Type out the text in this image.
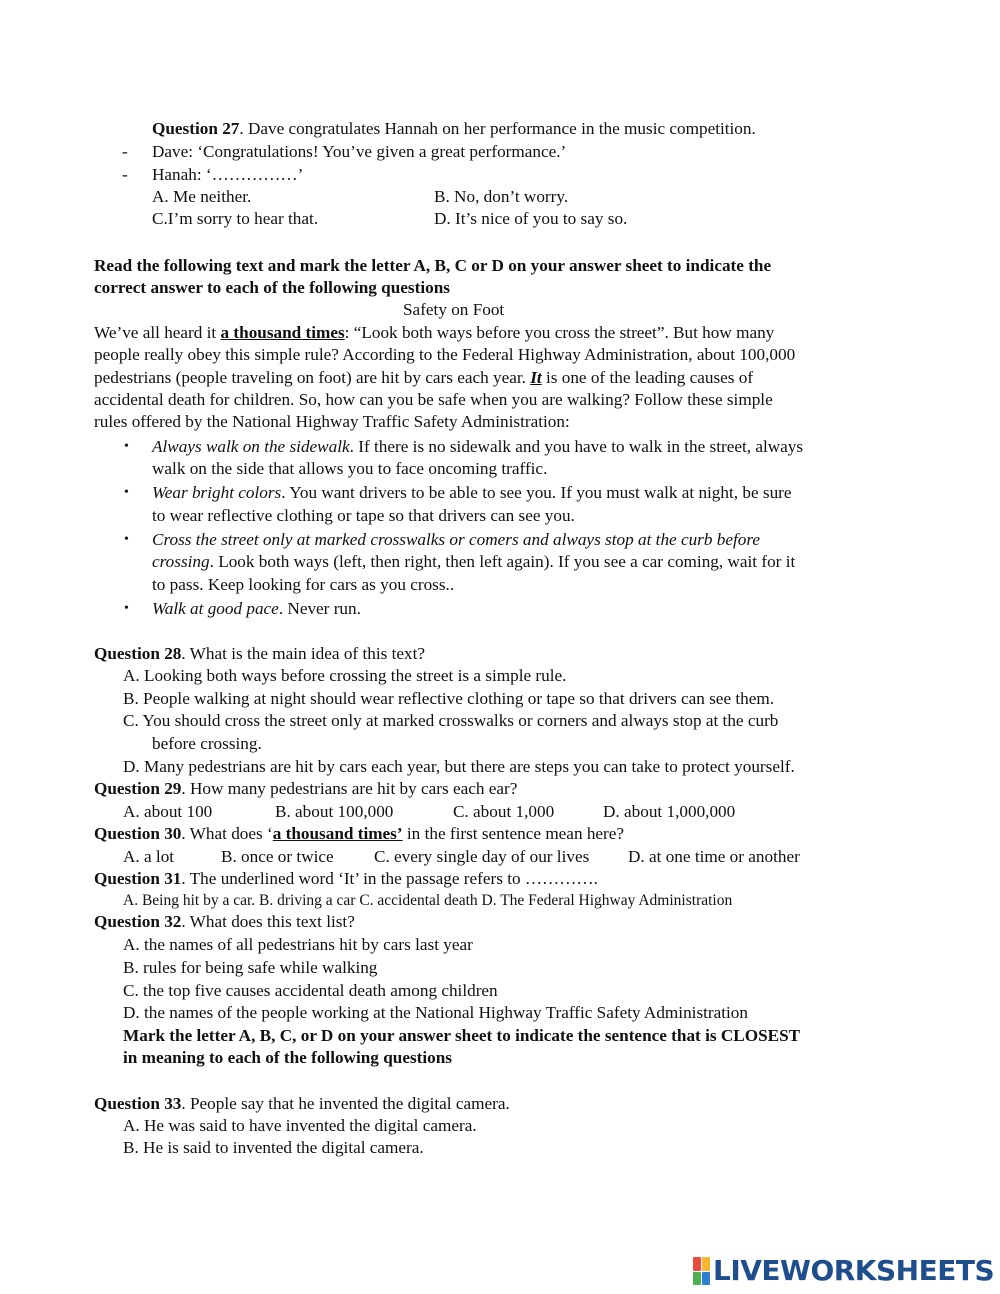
Question 27. Dave congratulates Hannah on her performance in the music competition.
- Dave: ‘Congratulations! You’ve given a great performance.’
- Hanah: ‘……………’
A. Me neither.	B. No, don’t worry.
C.I’m sorry to hear that.	D. It’s nice of you to say so.
Read the following text and mark the letter A, B, C or D on your answer sheet to indicate the
correct answer to each of the following questions
Safety on Foot
We’ve all heard it a thousand times: “Look both ways before you cross the street”. But how many
people really obey this simple rule? According to the Federal Highway Administration, about 100,000
pedestrians (people traveling on foot) are hit by cars each year. It is one of the leading causes of
accidental death for children. So, how can you be safe when you are walking? Follow these simple
rules offered by the National Highway Traffic Safety Administration:
• Always walk on the sidewalk. If there is no sidewalk and you have to walk in the street, always
walk on the side that allows you to face oncoming traffic.
• Wear bright colors. You want drivers to be able to see you. If you must walk at night, be sure
to wear reflective clothing or tape so that drivers can see you.
• Cross the street only at marked crosswalks or comers and always stop at the curb before
crossing. Look both ways (left, then right, then left again). If you see a car coming, wait for it
to pass. Keep looking for cars as you cross..
• Walk at good pace. Never run.
Question 28. What is the main idea of this text?
A. Looking both ways before crossing the street is a simple rule.
B. People walking at night should wear reflective clothing or tape so that drivers can see them.
C. You should cross the street only at marked crosswalks or corners and always stop at the curb
before crossing.
D. Many pedestrians are hit by cars each year, but there are steps you can take to protect yourself.
Question 29. How many pedestrians are hit by cars each ear?
A. about 100	B. about 100,000	C. about 1,000	D. about 1,000,000
Question 30. What does ‘a thousand times’ in the first sentence mean here?
A. a lot	B. once or twice C. every single day of our lives D. at one time or another
Question 31. The underlined word ‘It’ in the passage refers to ………….
A. Being hit by a car. B. driving a car C. accidental death D. The Federal Highway Administration
Question 32. What does this text list?
A. the names of all pedestrians hit by cars last year
B. rules for being safe while walking
C. the top five causes accidental death among children
D. the names of the people working at the National Highway Traffic Safety Administration
Mark the letter A, B, C, or D on your answer sheet to indicate the sentence that is CLOSEST
in meaning to each of the following questions
Question 33. People say that he invented the digital camera.
A. He was said to have invented the digital camera.
B. He is said to invented the digital camera.
LIVEWORKSHEETS
